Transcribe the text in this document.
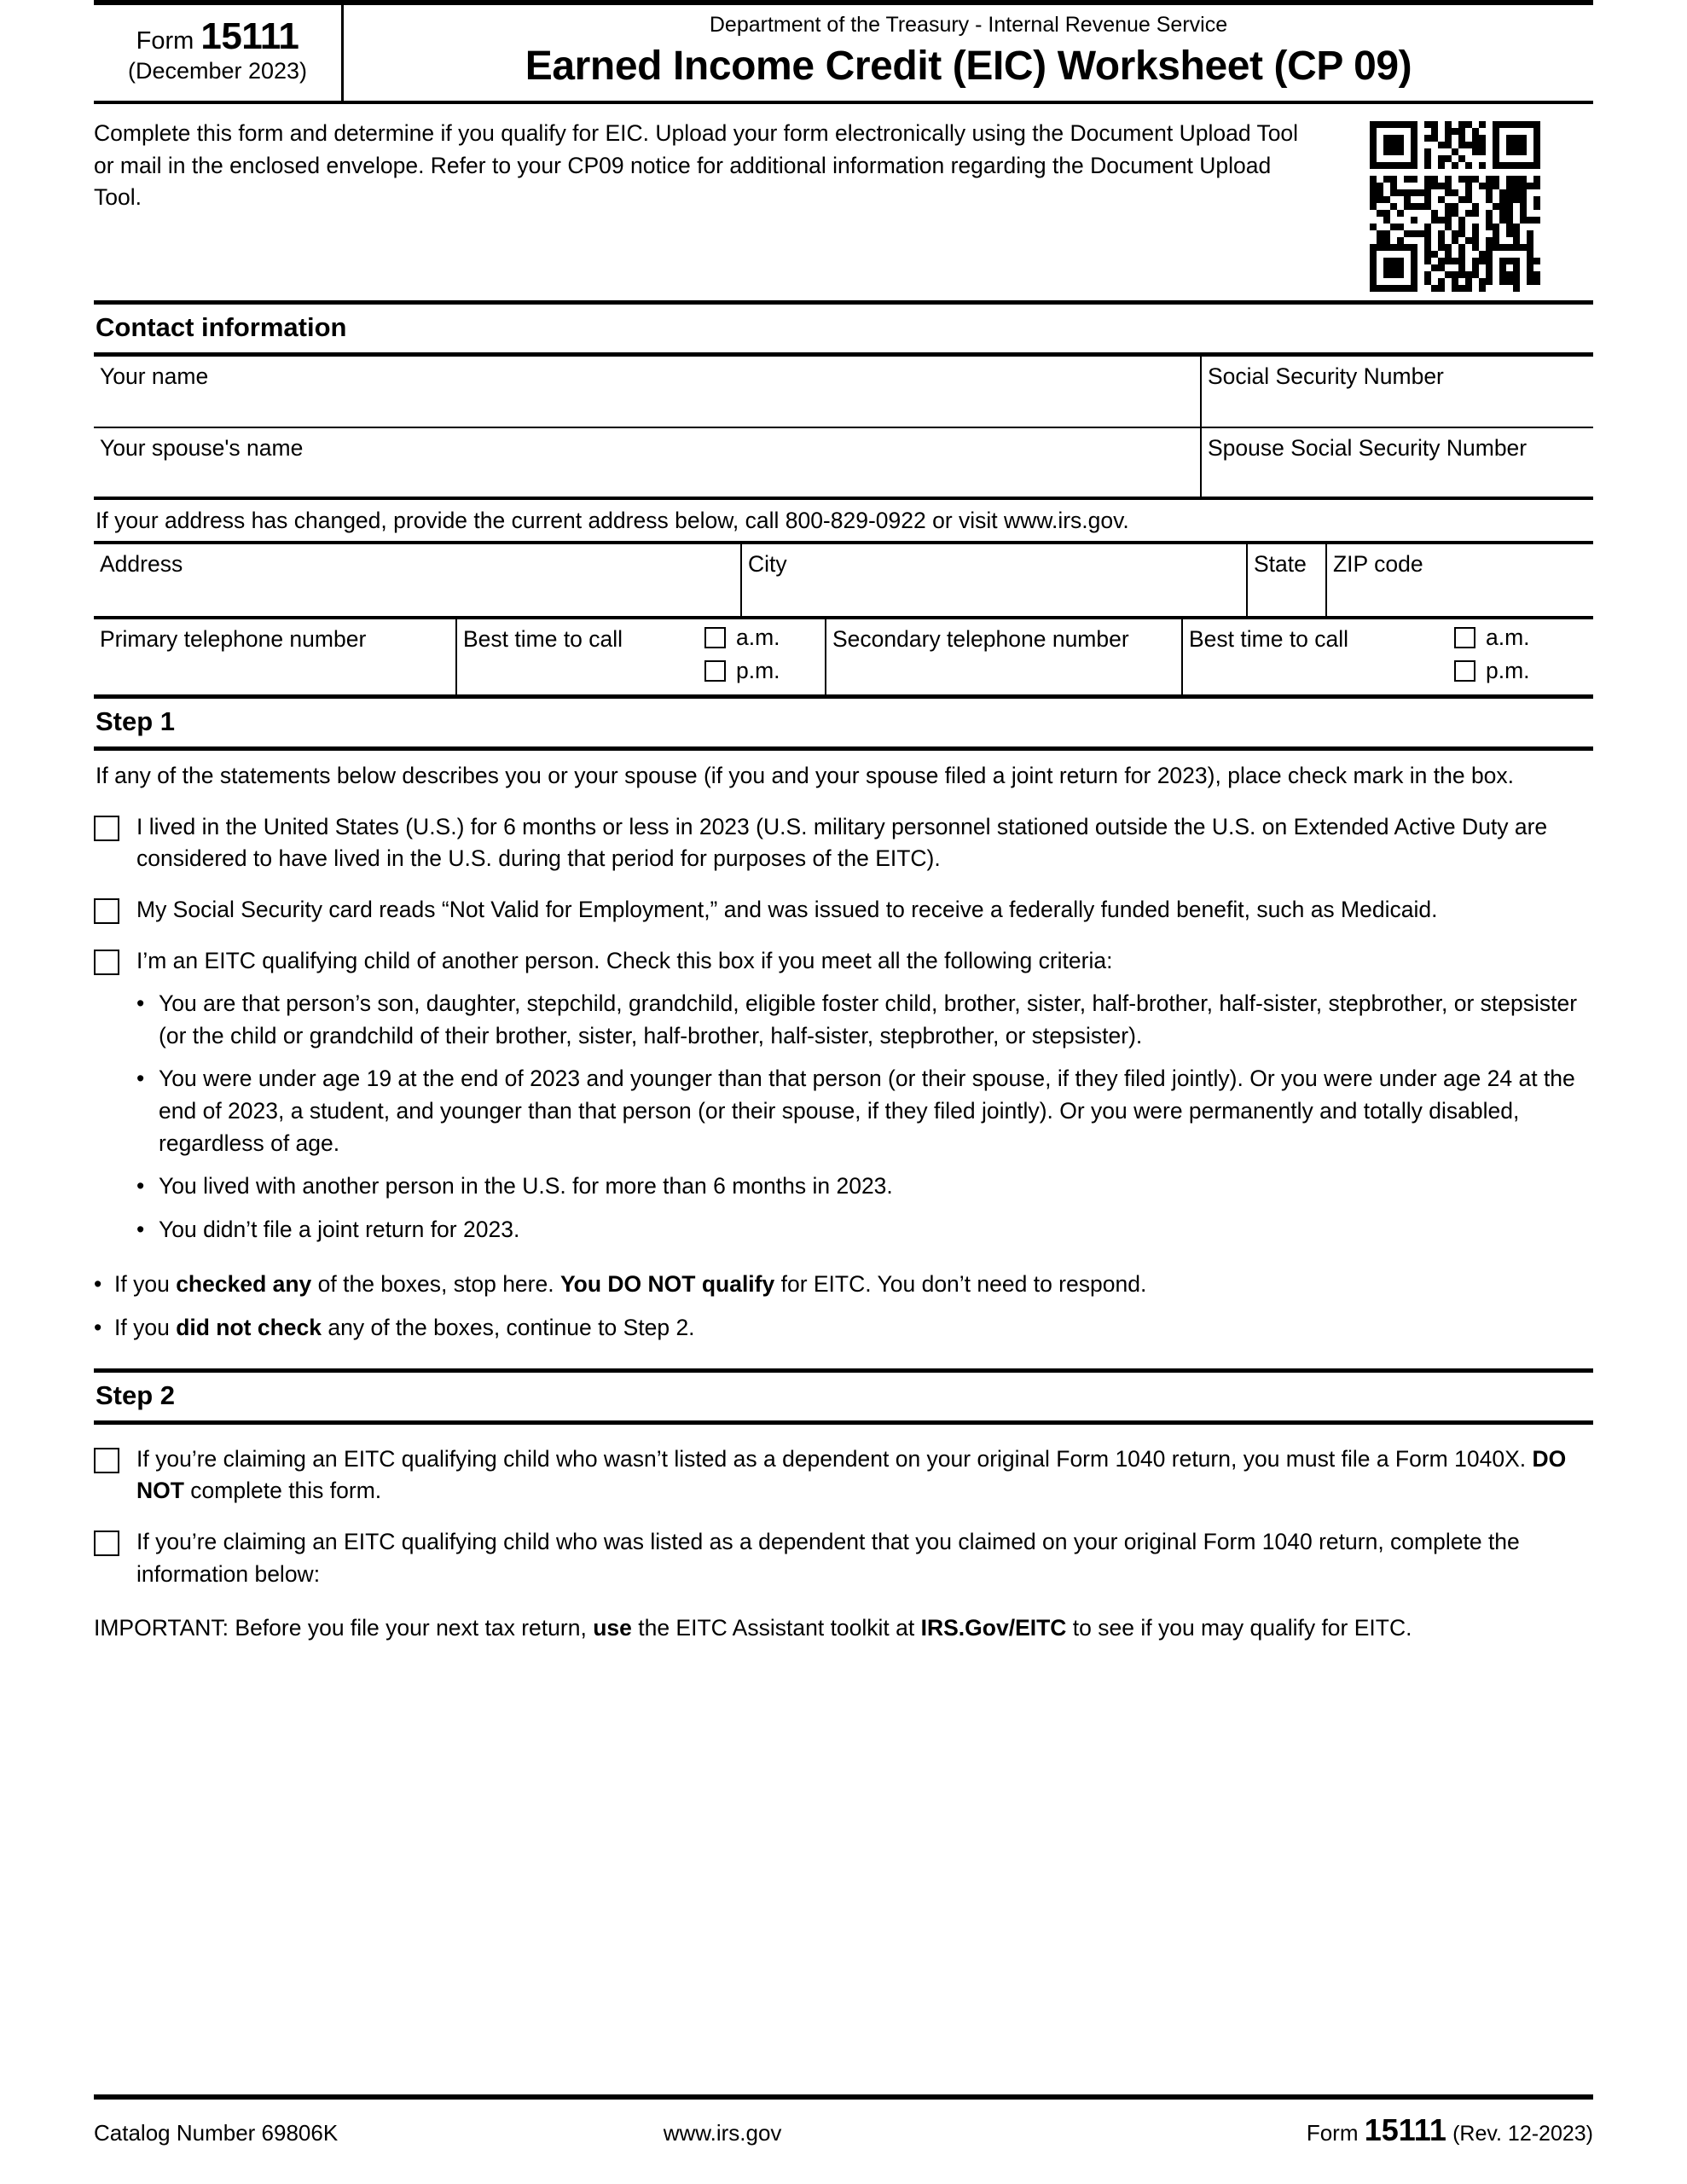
Form 15111
(December 2023)
Department of the Treasury - Internal Revenue Service
Earned Income Credit (EIC) Worksheet (CP 09)
Complete this form and determine if you qualify for EIC. Upload your form electronically using the Document Upload Tool or mail in the enclosed envelope. Refer to your CP09 notice for additional information regarding the Document Upload Tool.
Contact information
Your name	Social Security Number
Your spouse's name	Spouse Social Security Number
If your address has changed, provide the current address below, call 800-829-0922 or visit www.irs.gov.
Address	City	State	ZIP code
Primary telephone number	Best time to call	a.m.
p.m.
Secondary telephone number	Best time to call	a.m.
p.m.
Step 1
If any of the statements below describes you or your spouse (if you and your spouse filed a joint return for 2023), place check mark in the box.
I lived in the United States (U.S.) for 6 months or less in 2023 (U.S. military personnel stationed outside the U.S. on Extended Active Duty are considered to have lived in the U.S. during that period for purposes of the EITC).
My Social Security card reads “Not Valid for Employment,” and was issued to receive a federally funded benefit, such as Medicaid.
I’m an EITC qualifying child of another person. Check this box if you meet all the following criteria:
• You are that person’s son, daughter, stepchild, grandchild, eligible foster child, brother, sister, half-brother, half-sister, stepbrother, or stepsister (or the child or grandchild of their brother, sister, half-brother, half-sister, stepbrother, or stepsister).
• You were under age 19 at the end of 2023 and younger than that person (or their spouse, if they filed jointly). Or you were under age 24 at the end of 2023, a student, and younger than that person (or their spouse, if they filed jointly). Or you were permanently and totally disabled, regardless of age.
• You lived with another person in the U.S. for more than 6 months in 2023.
• You didn’t file a joint return for 2023.
• If you checked any of the boxes, stop here. You DO NOT qualify for EITC. You don’t need to respond.
• If you did not check any of the boxes, continue to Step 2.
Step 2
If you’re claiming an EITC qualifying child who wasn’t listed as a dependent on your original Form 1040 return, you must file a Form 1040X. DO NOT complete this form.
If you’re claiming an EITC qualifying child who was listed as a dependent that you claimed on your original Form 1040 return, complete the information below:
IMPORTANT: Before you file your next tax return, use the EITC Assistant toolkit at IRS.Gov/EITC to see if you may qualify for EITC.
Catalog Number 69806K	www.irs.gov	Form 15111 (Rev. 12-2023)
